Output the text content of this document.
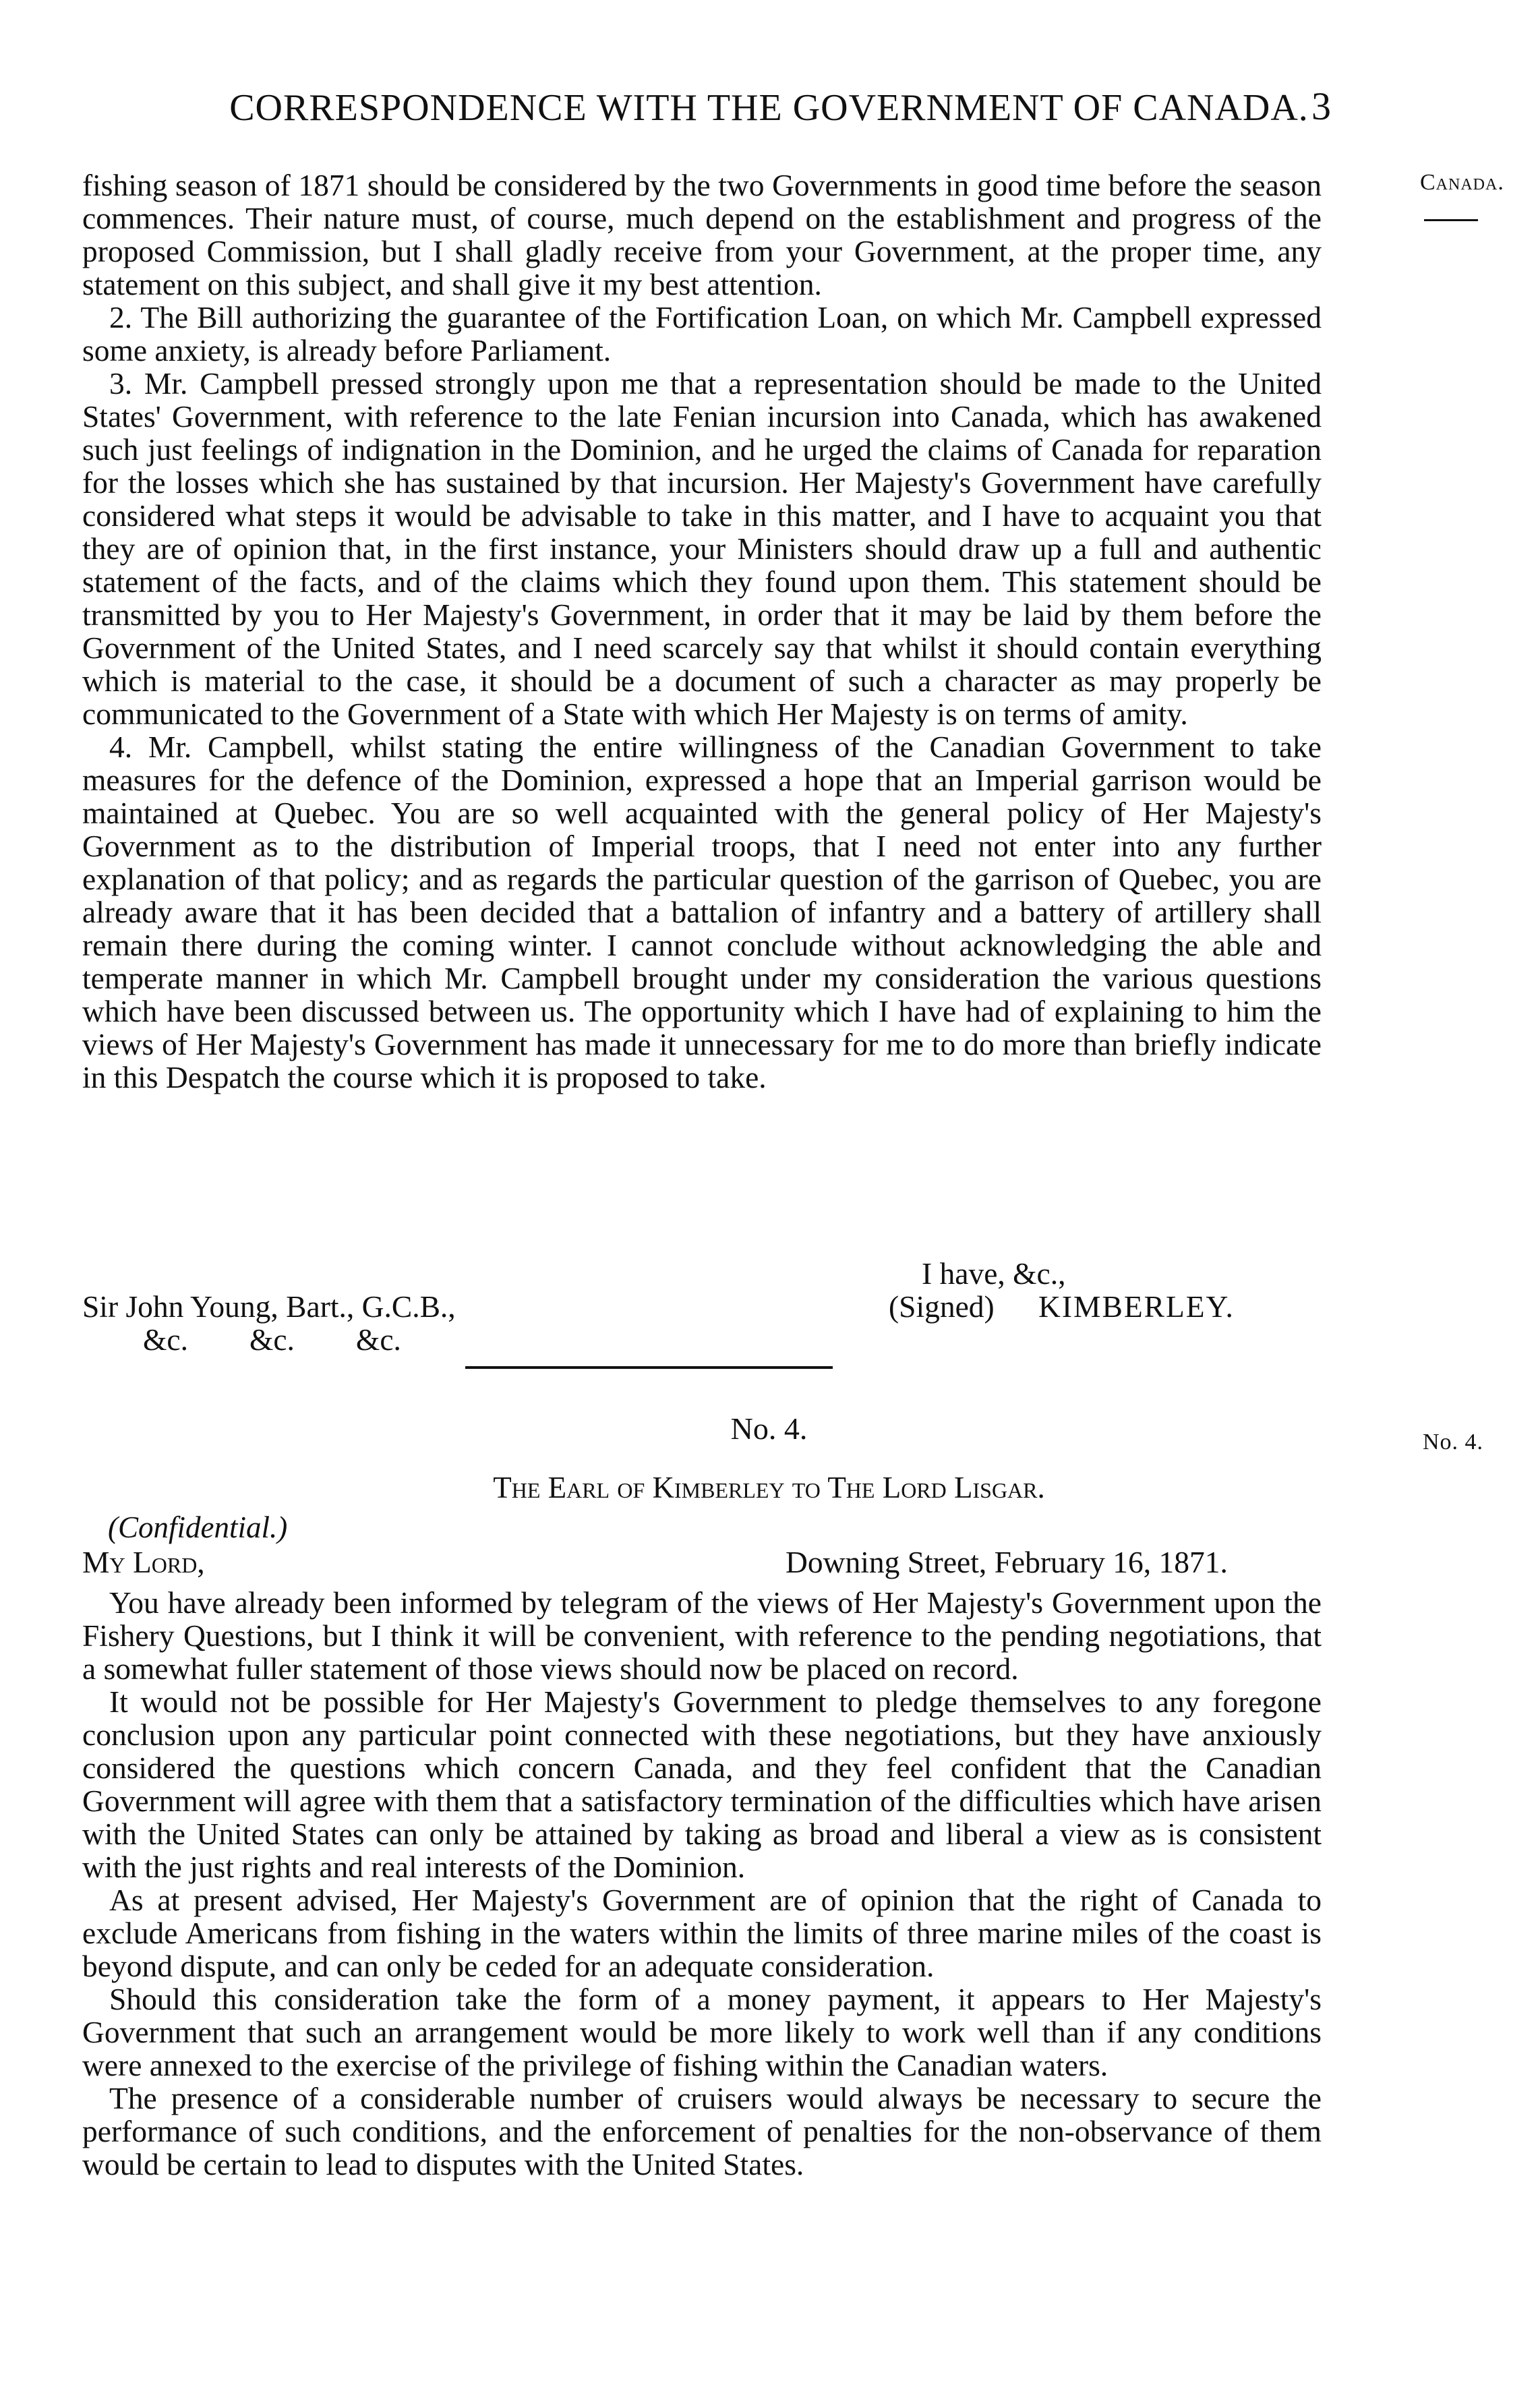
CORRESPONDENCE WITH THE GOVERNMENT OF CANADA. 3
Canada.
No. 4.

fishing season of 1871 should be considered by the two Governments in good time before the season commences. Their nature must, of course, much depend on the establishment and progress of the proposed Commission, but I shall gladly receive from your Government, at the proper time, any statement on this subject, and shall give it my best attention.

2. The Bill authorizing the guarantee of the Fortification Loan, on which Mr. Campbell expressed some anxiety, is already before Parliament.

3. Mr. Campbell pressed strongly upon me that a representation should be made to the United States' Government, with reference to the late Fenian incursion into Canada, which has awakened such just feelings of indignation in the Dominion, and he urged the claims of Canada for reparation for the losses which she has sustained by that incursion. Her Majesty's Government have carefully considered what steps it would be advisable to take in this matter, and I have to acquaint you that they are of opinion that, in the first instance, your Ministers should draw up a full and authentic statement of the facts, and of the claims which they found upon them. This statement should be transmitted by you to Her Majesty's Government, in order that it may be laid by them before the Government of the United States, and I need scarcely say that whilst it should contain everything which is material to the case, it should be a document of such a character as may properly be communicated to the Government of a State with which Her Majesty is on terms of amity.

4. Mr. Campbell, whilst stating the entire willingness of the Canadian Government to take measures for the defence of the Dominion, expressed a hope that an Imperial garrison would be maintained at Quebec. You are so well acquainted with the general policy of Her Majesty's Government as to the distribution of Imperial troops, that I need not enter into any further explanation of that policy; and as regards the particular question of the garrison of Quebec, you are already aware that it has been decided that a battalion of infantry and a battery of artillery shall remain there during the coming winter. I cannot conclude without acknowledging the able and temperate manner in which Mr. Campbell brought under my consideration the various questions which have been discussed between us. The opportunity which I have had of explaining to him the views of Her Majesty's Government has made it unnecessary for me to do more than briefly indicate in this Despatch the course which it is proposed to take.

I have, &c.,
Sir John Young, Bart., G.C.B.,	(Signed) KIMBERLEY.
&c.        &c.        &c.
No. 4.
The Earl of Kimberley to The Lord Lisgar.
(Confidential.)
My Lord,	Downing Street, February 16, 1871.

You have already been informed by telegram of the views of Her Majesty's Government upon the Fishery Questions, but I think it will be convenient, with reference to the pending negotiations, that a somewhat fuller statement of those views should now be placed on record.

It would not be possible for Her Majesty's Government to pledge themselves to any foregone conclusion upon any particular point connected with these negotiations, but they have anxiously considered the questions which concern Canada, and they feel confident that the Canadian Government will agree with them that a satisfactory termination of the difficulties which have arisen with the United States can only be attained by taking as broad and liberal a view as is consistent with the just rights and real interests of the Dominion.

As at present advised, Her Majesty's Government are of opinion that the right of Canada to exclude Americans from fishing in the waters within the limits of three marine miles of the coast is beyond dispute, and can only be ceded for an adequate consideration.

Should this consideration take the form of a money payment, it appears to Her Majesty's Government that such an arrangement would be more likely to work well than if any conditions were annexed to the exercise of the privilege of fishing within the Canadian waters.

The presence of a considerable number of cruisers would always be necessary to secure the performance of such conditions, and the enforcement of penalties for the non-observance of them would be certain to lead to disputes with the United States.
